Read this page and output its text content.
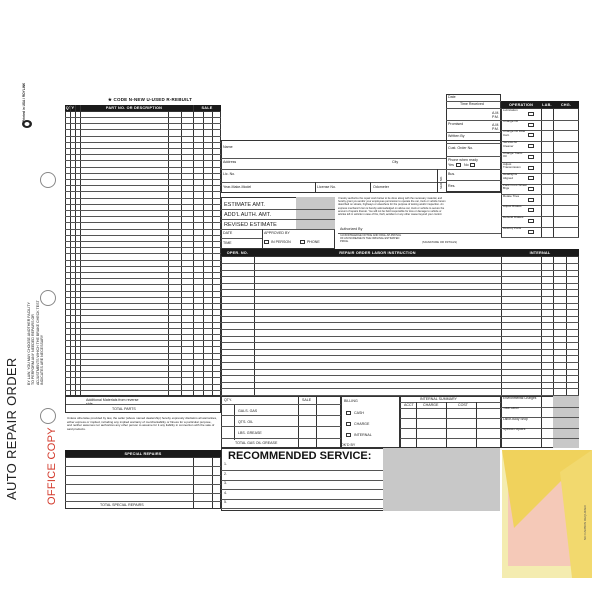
AUTO REPAIR ORDER OFFICE COPY
BY LAW, YOU MAY CHOOSE ANOTHER FACILITY TO PERFORM ANY NEEDED REPAIRS OR ADJUSTMENTS WHICH THE BRAKE CHECK TEST INDICATES ARE NECESSARY
Printed in USA / ROYLINK	★ CODE N-NEW U-USED R-REBUILT
QTY	PART NO. OR DESCRIPTION	SALE
Additional Materials from reverse side
TOTAL PARTS
Unless otherwise provided by law, the seller (above named dealership) hereby expressly disclaims all warranties, either express or implied, including any implied warranty of merchantability or fitness for a particular purpose, and neither assumes nor authorizes any other person to assume for it any liability in connection with the sale of said products.
SPECIAL REPAIRS
TOTAL SPECIAL REPAIRS
Name
Address	City
Lic. No.
Year-Make-Model	License No.	Odometer	SER. NO.
Date
Time Received
A.M.
P.M.
Promised	A.M.
P.M.
Written By
Cust. Order No.
Phone when ready
Yes	No
Bus.
Res.
ESTIMATE AMT.
ADD'L AUTH. AMT.
REVISED ESTIMATE
DATE	APPROVED BY
TIME	IN PERSON	PHONE
I hereby authorize the repair work below to be done along with the necessary material, and hereby grant you and/or your employees permission to operate the car, truck or vehicle herein described on streets, highways or elsewhere for the purpose of testing and/or inspection. An express mechanic's lien is hereby acknowledged on above car, truck or vehicle to secure the amount of repairs thereto. You will not be held responsible for loss or damage to vehicle or articles left in vehicle in case of fire, theft, accident or any other cause beyond your control.
Authorized By
I ACKNOWLEDGE NOTICE AND ORAL AP-PROVAL OF AN INCREASE IN THE ORIGINAL ESTIMATED PRICE.	(SIGNATURE OR INITIALS)
OPERATION	LAB.	CHG.
Lubrication
Change Oil
Change Oil Filter Cart.
Service Air Cleaner
Change Trans. Oil
Adjust Transmission
Headlights Aligned
Pack Front Wheel Brgs
Rotate Tires
Adjust Brakes
Rebuild Brakes
Destroy Parts
OPER. NO.	REPAIR ORDER LABOR INSTRUCTION	INTERNAL
QTY.	SALE
GALS. GAS
QTS. OIL
LBS. GREASE
TOTAL GAS OIL GREASE
BILLING
CASH
CHARGE
INTERNAL
INTERNAL SUMMARY
ACCT	CHARGE	COST
OK'D BY
Environmental Charges
Total Labor
Labor-Body Shop
Special Repairs
RECOMMENDED SERVICE:
1.
2.
3.
4.
5.
NO CARBON REQUIRED
